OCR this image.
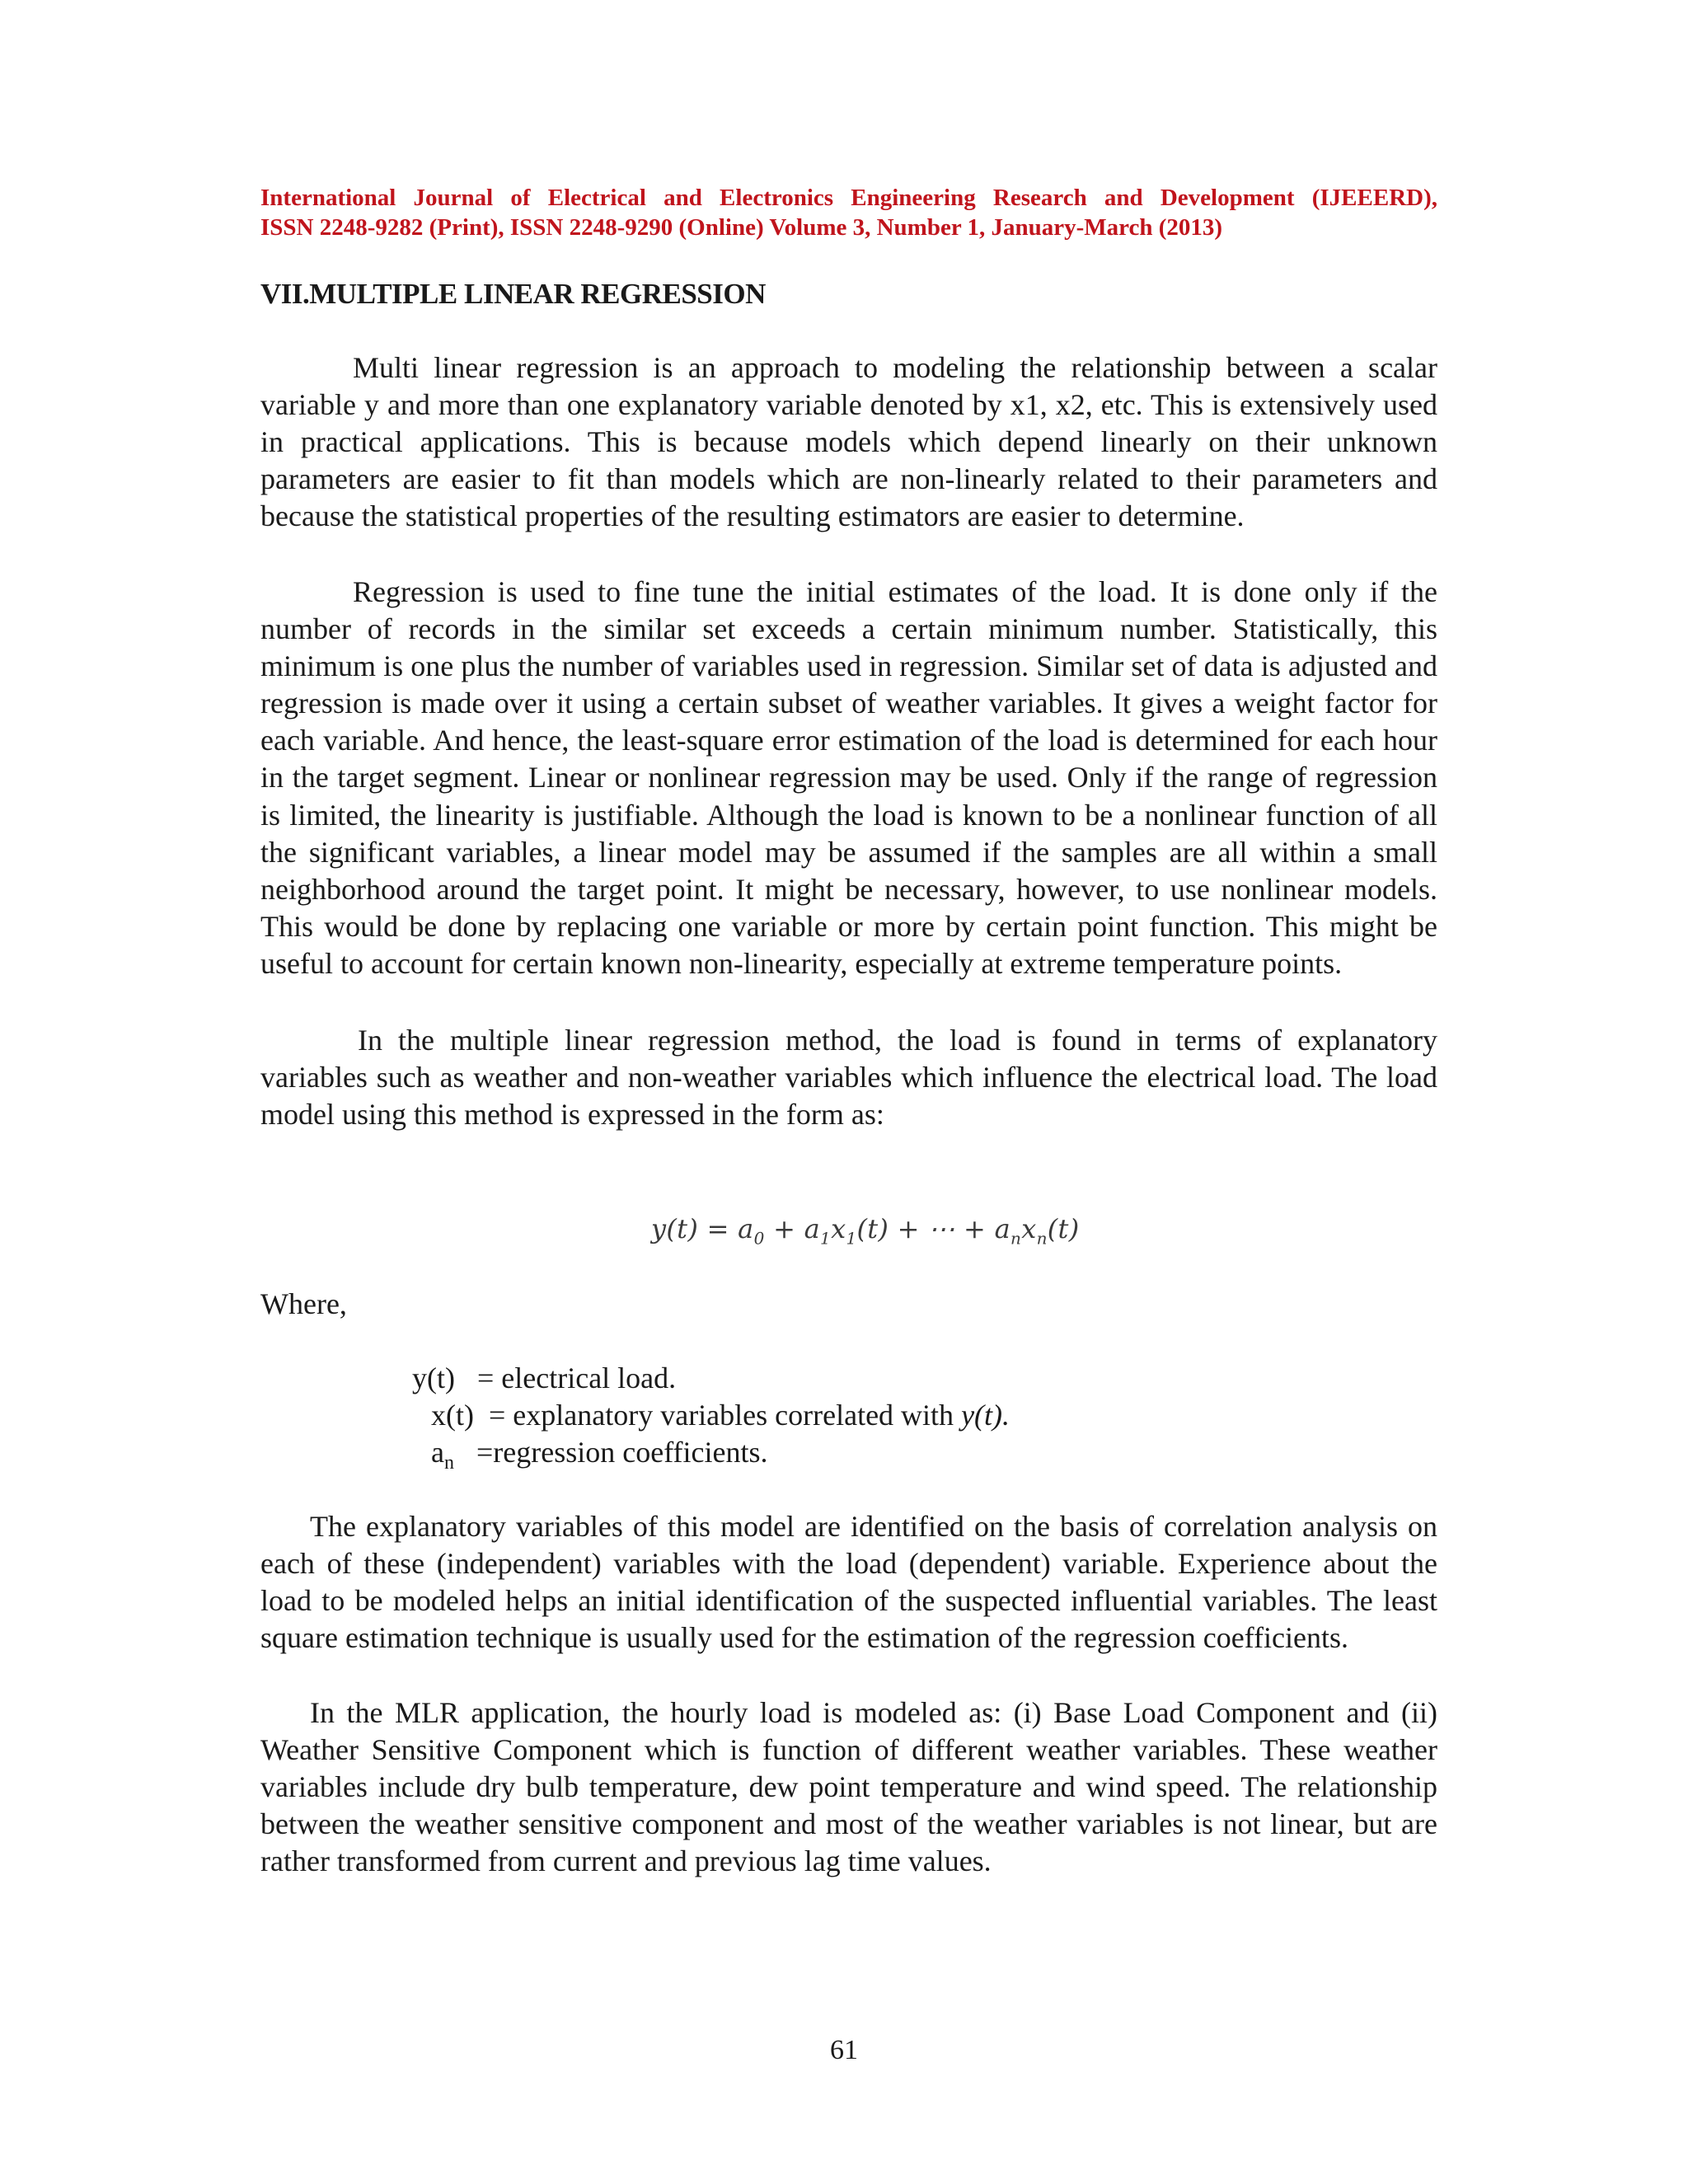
International Journal of Electrical and Electronics Engineering Research and Development (IJEEERD),
ISSN 2248-9282 (Print), ISSN 2248-9290 (Online) Volume 3, Number 1, January-March (2013)
VII.MULTIPLE LINEAR REGRESSION

Multi linear regression is an approach to modeling the relationship between a scalar variable y and more than one explanatory variable denoted by x1, x2, etc. This is extensively used in practical applications. This is because models which depend linearly on their unknown parameters are easier to fit than models which are non-linearly related to their parameters and because the statistical properties of the resulting estimators are easier to determine.

Regression is used to fine tune the initial estimates of the load. It is done only if the number of records in the similar set exceeds a certain minimum number. Statistically, this minimum is one plus the number of variables used in regression. Similar set of data is adjusted and regression is made over it using a certain subset of weather variables. It gives a weight factor for each variable. And hence, the least-square error estimation of the load is determined for each hour in the target segment. Linear or nonlinear regression may be used. Only if the range of regression is limited, the linearity is justifiable. Although the load is known to be a nonlinear function of all the significant variables, a linear model may be assumed if the samples are all within a small neighborhood around the target point. It might be necessary, however, to use nonlinear models. This would be done by replacing one variable or more by certain point function. This might be useful to account for certain known non-linearity, especially at extreme temperature points.

In the multiple linear regression method, the load is found in terms of explanatory variables such as weather and non-weather variables which influence the electrical load. The load model using this method is expressed in the form as:

$y(t) = a_0 + a_1x_1(t)$ + ⋯ + $a_nx_n(t)$
Where,
y(t)   = electrical load.
x(t)  = explanatory variables correlated with y(t).
$a_n$   =regression coefficients.

The explanatory variables of this model are identified on the basis of correlation analysis on each of these (independent) variables with the load (dependent) variable. Experience about the load to be modeled helps an initial identification of the suspected influential variables. The least square estimation technique is usually used for the estimation of the regression coefficients.

In the MLR application, the hourly load is modeled as: (i) Base Load Component and (ii) Weather Sensitive Component which is function of different weather variables. These weather variables include dry bulb temperature, dew point temperature and wind speed. The relationship between the weather sensitive component and most of the weather variables is not linear, but are rather transformed from current and previous lag time values.

61
